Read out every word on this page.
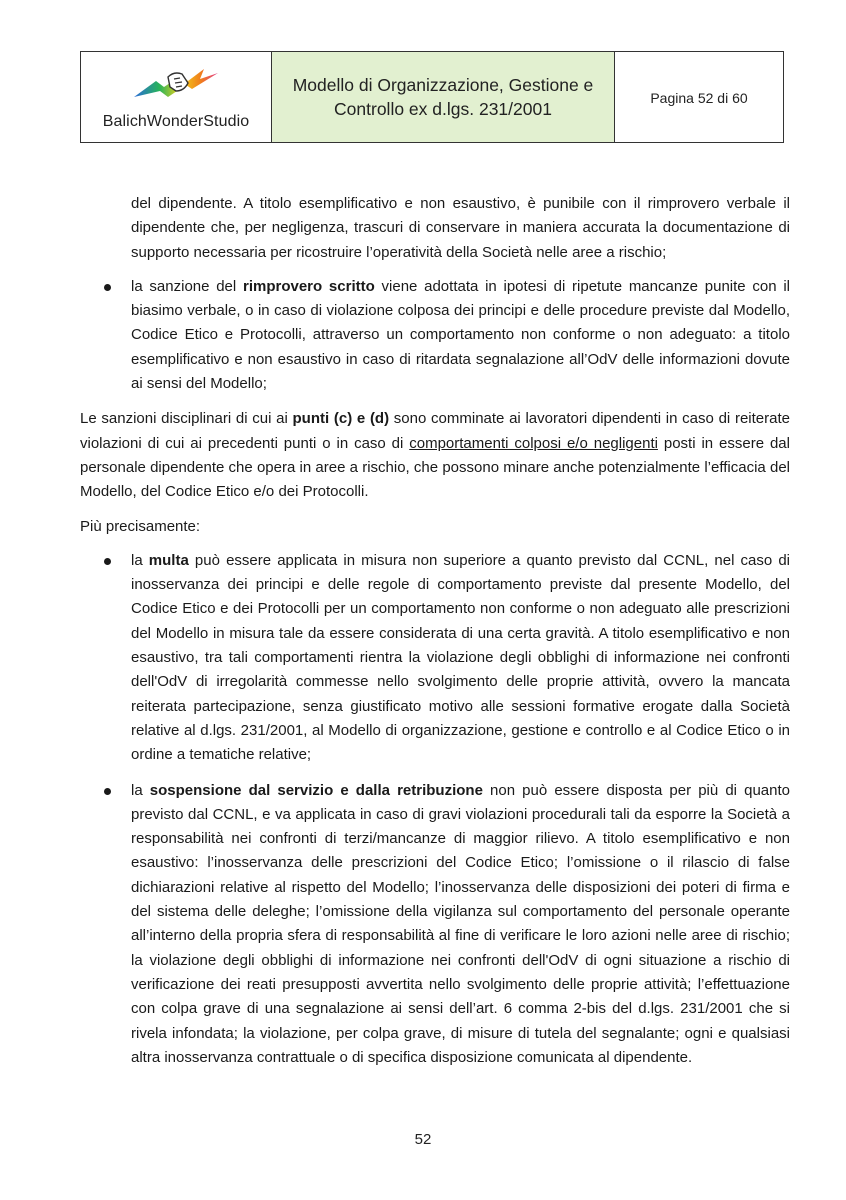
BalichWonderStudio
Modello di Organizzazione, Gestione e
Controllo ex d.lgs. 231/2001
Pagina 52 di 60

del dipendente. A titolo esemplificativo e non esaustivo, è punibile con il rimprovero verbale il dipendente che, per negligenza, trascuri di conservare in maniera accurata la documentazione di supporto necessaria per ricostruire l’operatività della Società nelle aree a rischio;

la sanzione del rimprovero scritto viene adottata in ipotesi di ripetute mancanze punite con il biasimo verbale, o in caso di violazione colposa dei principi e delle procedure previste dal Modello, Codice Etico e Protocolli, attraverso un comportamento non conforme o non adeguato: a titolo esemplificativo e non esaustivo in caso di ritardata segnalazione all’OdV delle informazioni dovute ai sensi del Modello;

Le sanzioni disciplinari di cui ai punti (c) e (d) sono comminate ai lavoratori dipendenti in caso di reiterate violazioni di cui ai precedenti punti o in caso di comportamenti colposi e/o negligenti posti in essere dal personale dipendente che opera in aree a rischio, che possono minare anche potenzialmente l’efficacia del Modello, del Codice Etico e/o dei Protocolli.

Più precisamente:

la multa può essere applicata in misura non superiore a quanto previsto dal CCNL, nel caso di inosservanza dei principi e delle regole di comportamento previste dal presente Modello, del Codice Etico e dei Protocolli per un comportamento non conforme o non adeguato alle prescrizioni del Modello in misura tale da essere considerata di una certa gravità. A titolo esemplificativo e non esaustivo, tra tali comportamenti rientra la violazione degli obblighi di informazione nei confronti dell'OdV di irregolarità commesse nello svolgimento delle proprie attività, ovvero la mancata reiterata partecipazione, senza giustificato motivo alle sessioni formative erogate dalla Società relative al d.lgs. 231/2001, al Modello di organizzazione, gestione e controllo e al Codice Etico o in ordine a tematiche relative;
la sospensione dal servizio e dalla retribuzione non può essere disposta per più di quanto previsto dal CCNL, e va applicata in caso di gravi violazioni procedurali tali da esporre la Società a responsabilità nei confronti di terzi/mancanze di maggior rilievo. A titolo esemplificativo e non esaustivo: l’inosservanza delle prescrizioni del Codice Etico; l’omissione o il rilascio di false dichiarazioni relative al rispetto del Modello; l’inosservanza delle disposizioni dei poteri di firma e del sistema delle deleghe; l’omissione della vigilanza sul comportamento del personale operante all’interno della propria sfera di responsabilità al fine di verificare le loro azioni nelle aree di rischio; la violazione degli obblighi di informazione nei confronti dell'OdV di ogni situazione a rischio di verificazione dei reati presupposti avvertita nello svolgimento delle proprie attività; l’effettuazione con colpa grave di una segnalazione ai sensi dell’art. 6 comma 2-bis del d.lgs. 231/2001 che si rivela infondata; la violazione, per colpa grave, di misure di tutela del segnalante; ogni e qualsiasi altra inosservanza contrattuale o di specifica disposizione comunicata al dipendente.
52
